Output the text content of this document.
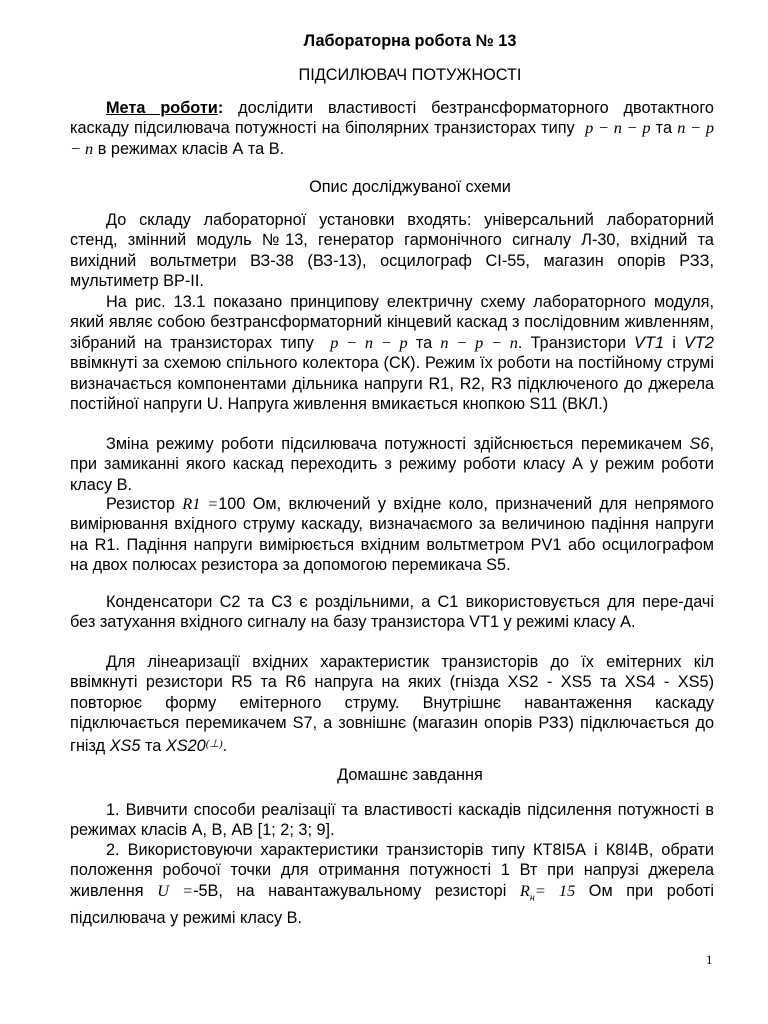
Лабораторна робота № 13
ПІДСИЛЮВАЧ ПОТУЖНОСТІ
Мета роботи: дослідити властивості безтрансформаторного двотактного каскаду підсилювача потужності на біполярних транзисторах типу p − n − p та n − p − n в режимах класів А та В.
Опис досліджуваної схеми
До складу лабораторної установки входять: універсальний лабораторний стенд, змінний модуль №13, генератор гармонічного сигналу Л-30, вхідний та вихідний вольтметри ВЗ-38 (ВЗ-13), осцилограф СІ-55, магазин опорів РЗЗ, мультиметр ВР-ІІ.
На рис. 13.1 показано принципову електричну схему лабораторного модуля, який являє собою безтрансформаторний кінцевий каскад з послідовним живленням, зібраний на транзисторах типу p − n − p та n − p − n. Транзистори VT1 і VT2 ввімкнуті за схемою спільного колектора (СК). Режим їх роботи на постійному струмі визначається компонентами дільника напруги R1, R2, R3 підключеного до джерела постійної напруги U. Напруга живлення вмикається кнопкою S11 (ВКЛ.)
Зміна режиму роботи підсилювача потужності здійснюється перемикачем S6, при замиканні якого каскад переходить з режиму роботи класу А у режим роботи класу В.
Резистор R1 =100 Ом, включений у вхідне коло, призначений для непрямого вимірювання вхідного струму каскаду, визначаємого за величиною падіння напруги на R1. Падіння напруги вимірюється вхідним вольтметром PV1 або осцилографом на двох полюсах резистора за допомогою перемикача S5.
Конденсатори С2 та С3 є роздільними, а С1 використовується для пере-дачі без затухання вхідного сигналу на базу транзистора VT1 у режимі класу А.
Для лінеаризації вхідних характеристик транзисторів до їх емітерних кіл ввімкнуті резистори R5 та R6 напруга на яких (гнізда XS2 - XS5 та XS4 - XS5) повторює форму емітерного струму. Внутрішнє навантаження каскаду підключається перемикачем S7, а зовнішнє (магазин опорів РЗЗ) підключається до гнізд XS5 та XS20(⊥).
Домашнє завдання
1. Вивчити способи реалізації та властивості каскадів підсилення потужності в режимах класів А, В, АВ [1; 2; 3; 9].
2. Використовуючи характеристики транзисторів типу КТ8І5А і К8І4В, обрати положення робочої точки для отримання потужності 1 Вт при напрузі джерела живлення U =-5В, на навантажувальному резисторі $R_н= 15$ Ом при роботі підсилювача у режимі класу В.
1
